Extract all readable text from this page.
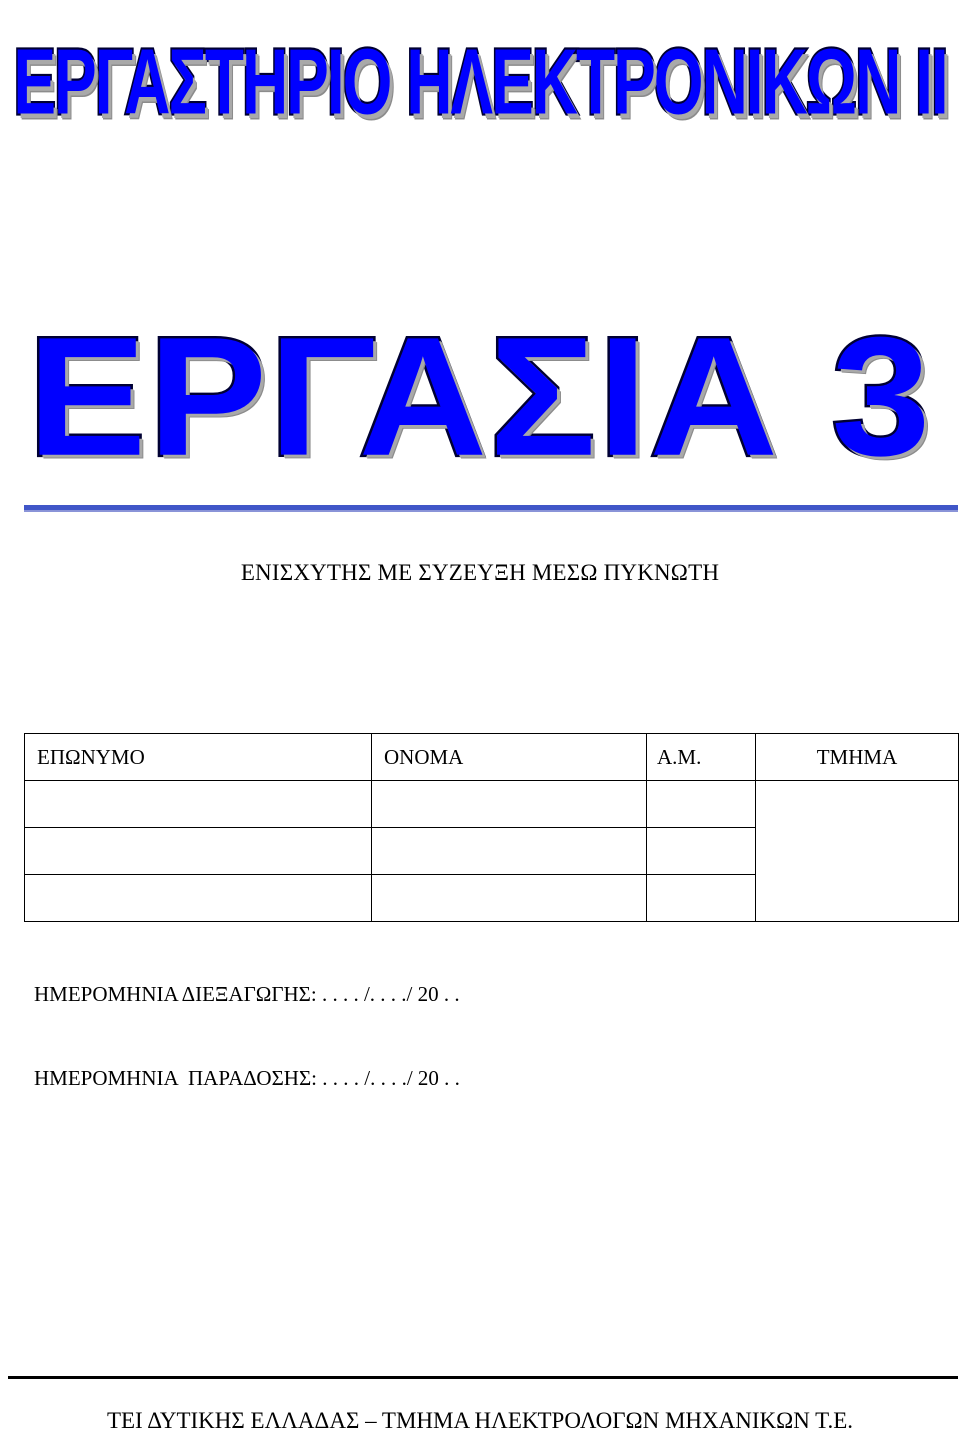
ΕΡΓΑΣΤΗΡΙΟ ΗΛΕΚΤΡΟΝΙΚΩΝ ΙΙ
ΕΡΓΑΣΙΑ 3
ΕΝΙΣΧΥΤΗΣ ΜΕ ΣΥΖΕΥΞΗ ΜΕΣΩ ΠΥΚΝΩΤΗ
ΕΠΩΝΥΜΟ	ΟΝΟΜΑ	Α.Μ.	ΤΜΗΜΑ

ΗΜΕΡΟΜΗΝΙΑ ΔΙΕΞΑΓΩΓΗΣ: . . . . /. . . ./ 20 . .
ΗΜΕΡΟΜΗΝΙΑ  ΠΑΡΑΔΟΣΗΣ: . . . . /. . . ./ 20 . .
ΤΕΙ ΔΥΤΙΚΗΣ ΕΛΛΑΔΑΣ – ΤΜΗΜΑ ΗΛΕΚΤΡΟΛΟΓΩΝ ΜΗΧΑΝΙΚΩΝ Τ.Ε.
